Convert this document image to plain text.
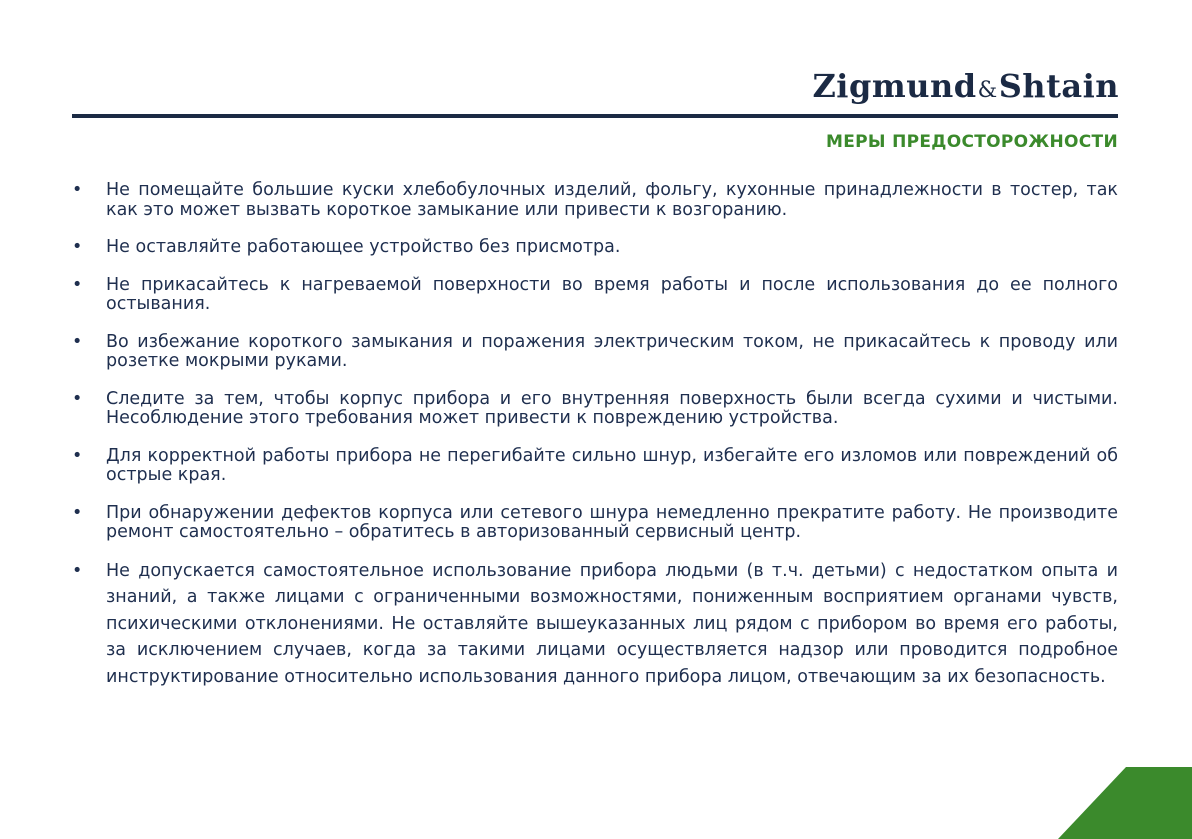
Zigmund&Shtain
МЕРЫ ПРЕДОСТОРОЖНОСТИ
• Не помещайте большие куски хлебобулочных изделий, фольгу, кухонные принадлежности в тостер, так как это может вызвать короткое замыкание или привести к возгоранию.
• Не оставляйте работающее устройство без присмотра.
• Не прикасайтесь к нагреваемой поверхности во время работы и после использования до ее полного остывания.
• Во избежание короткого замыкания и поражения электрическим током, не прикасайтесь к проводу или розетке мокрыми руками.
• Следите за тем, чтобы корпус прибора и его внутренняя поверхность были всегда сухими и чистыми. Несоблюдение этого требования может привести к повреждению устройства.
• Для корректной работы прибора не перегибайте сильно шнур, избегайте его изломов или повреждений об острые края.
• При обнаружении дефектов корпуса или сетевого шнура немедленно прекратите работу. Не производите ремонт самостоятельно – обратитесь в авторизованный сервисный центр.
• Не допускается самостоятельное использование прибора людьми (в т.ч. детьми) с недостатком опыта и знаний, а также лицами с ограниченными возможностями, пониженным восприятием органами чувств, психическими отклонениями. Не оставляйте вышеуказанных лиц рядом с прибором во время его работы, за исключением случаев, когда за такими лицами осуществляется надзор или проводится подробное инструктирование относительно использования данного прибора лицом, отвечающим за их безопасность.
